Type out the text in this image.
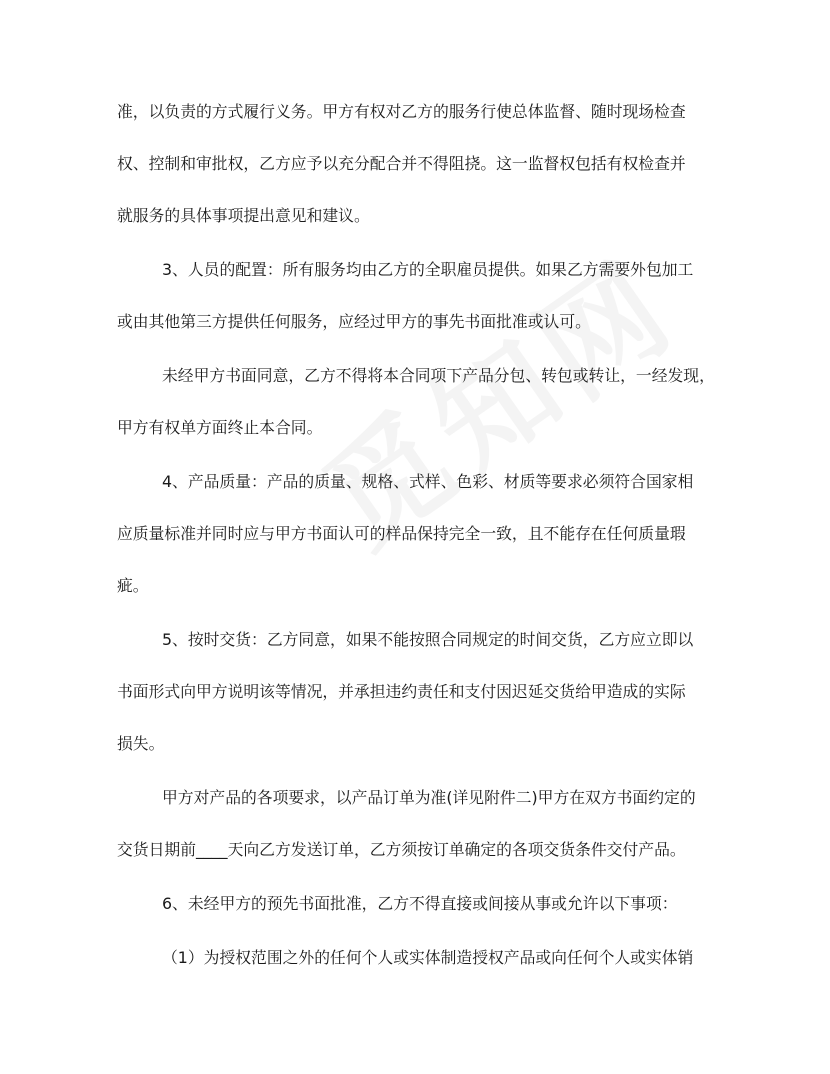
准，以负责的方式履行义务。甲方有权对乙方的服务行使总体监督、随时现场检查

权、控制和审批权，乙方应予以充分配合并不得阻挠。这一监督权包括有权检查并

就服务的具体事项提出意见和建议。

3、人员的配置：所有服务均由乙方的全职雇员提供。如果乙方需要外包加工

或由其他第三方提供任何服务，应经过甲方的事先书面批准或认可。

未经甲方书面同意，乙方不得将本合同项下产品分包、转包或转让，一经发现，

甲方有权单方面终止本合同。

4、产品质量：产品的质量、规格、式样、色彩、材质等要求必须符合国家相

应质量标准并同时应与甲方书面认可的样品保持完全一致，且不能存在任何质量瑕

疵。

5、按时交货：乙方同意，如果不能按照合同规定的时间交货，乙方应立即以

书面形式向甲方说明该等情况，并承担违约责任和支付因迟延交货给甲造成的实际

损失。

甲方对产品的各项要求，以产品订单为准(详见附件二)甲方在双方书面约定的

交货日期前____天向乙方发送订单，乙方须按订单确定的各项交货条件交付产品。

6、未经甲方的预先书面批准，乙方不得直接或间接从事或允许以下事项：

（1）为授权范围之外的任何个人或实体制造授权产品或向任何个人或实体销
